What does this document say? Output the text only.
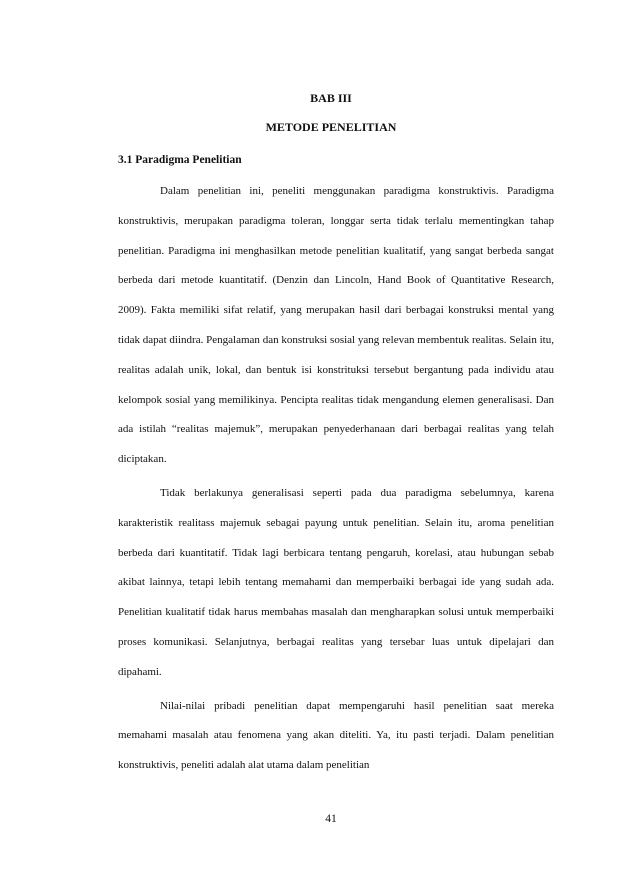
BAB III
METODE PENELITIAN
3.1 Paradigma Penelitian

Dalam penelitian ini, peneliti menggunakan paradigma konstruktivis. Paradigma konstruktivis, merupakan paradigma toleran, longgar serta tidak terlalu mementingkan tahap penelitian. Paradigma ini menghasilkan metode penelitian kualitatif, yang sangat berbeda sangat berbeda dari metode kuantitatif. (Denzin dan Lincoln, Hand Book of Quantitative Research, 2009). Fakta memiliki sifat relatif, yang merupakan hasil dari berbagai konstruksi mental yang tidak dapat diindra. Pengalaman dan konstruksi sosial yang relevan membentuk realitas. Selain itu, realitas adalah unik, lokal, dan bentuk isi konstrituksi tersebut bergantung pada individu atau kelompok sosial yang memilikinya. Pencipta realitas tidak mengandung elemen generalisasi. Dan ada istilah “realitas majemuk”, merupakan penyederhanaan dari berbagai realitas yang telah diciptakan.

Tidak berlakunya generalisasi seperti pada dua paradigma sebelumnya, karena karakteristik realitass majemuk sebagai payung untuk penelitian. Selain itu, aroma penelitian berbeda dari kuantitatif. Tidak lagi berbicara tentang pengaruh, korelasi, atau hubungan sebab akibat lainnya, tetapi lebih tentang memahami dan memperbaiki berbagai ide yang sudah ada. Penelitian kualitatif tidak harus membahas masalah dan mengharapkan solusi untuk memperbaiki proses komunikasi. Selanjutnya, berbagai realitas yang tersebar luas untuk dipelajari dan dipahami.

Nilai-nilai pribadi penelitian dapat mempengaruhi hasil penelitian saat mereka memahami masalah atau fenomena yang akan diteliti. Ya, itu pasti terjadi. Dalam penelitian konstruktivis, peneliti adalah alat utama dalam penelitian

41
